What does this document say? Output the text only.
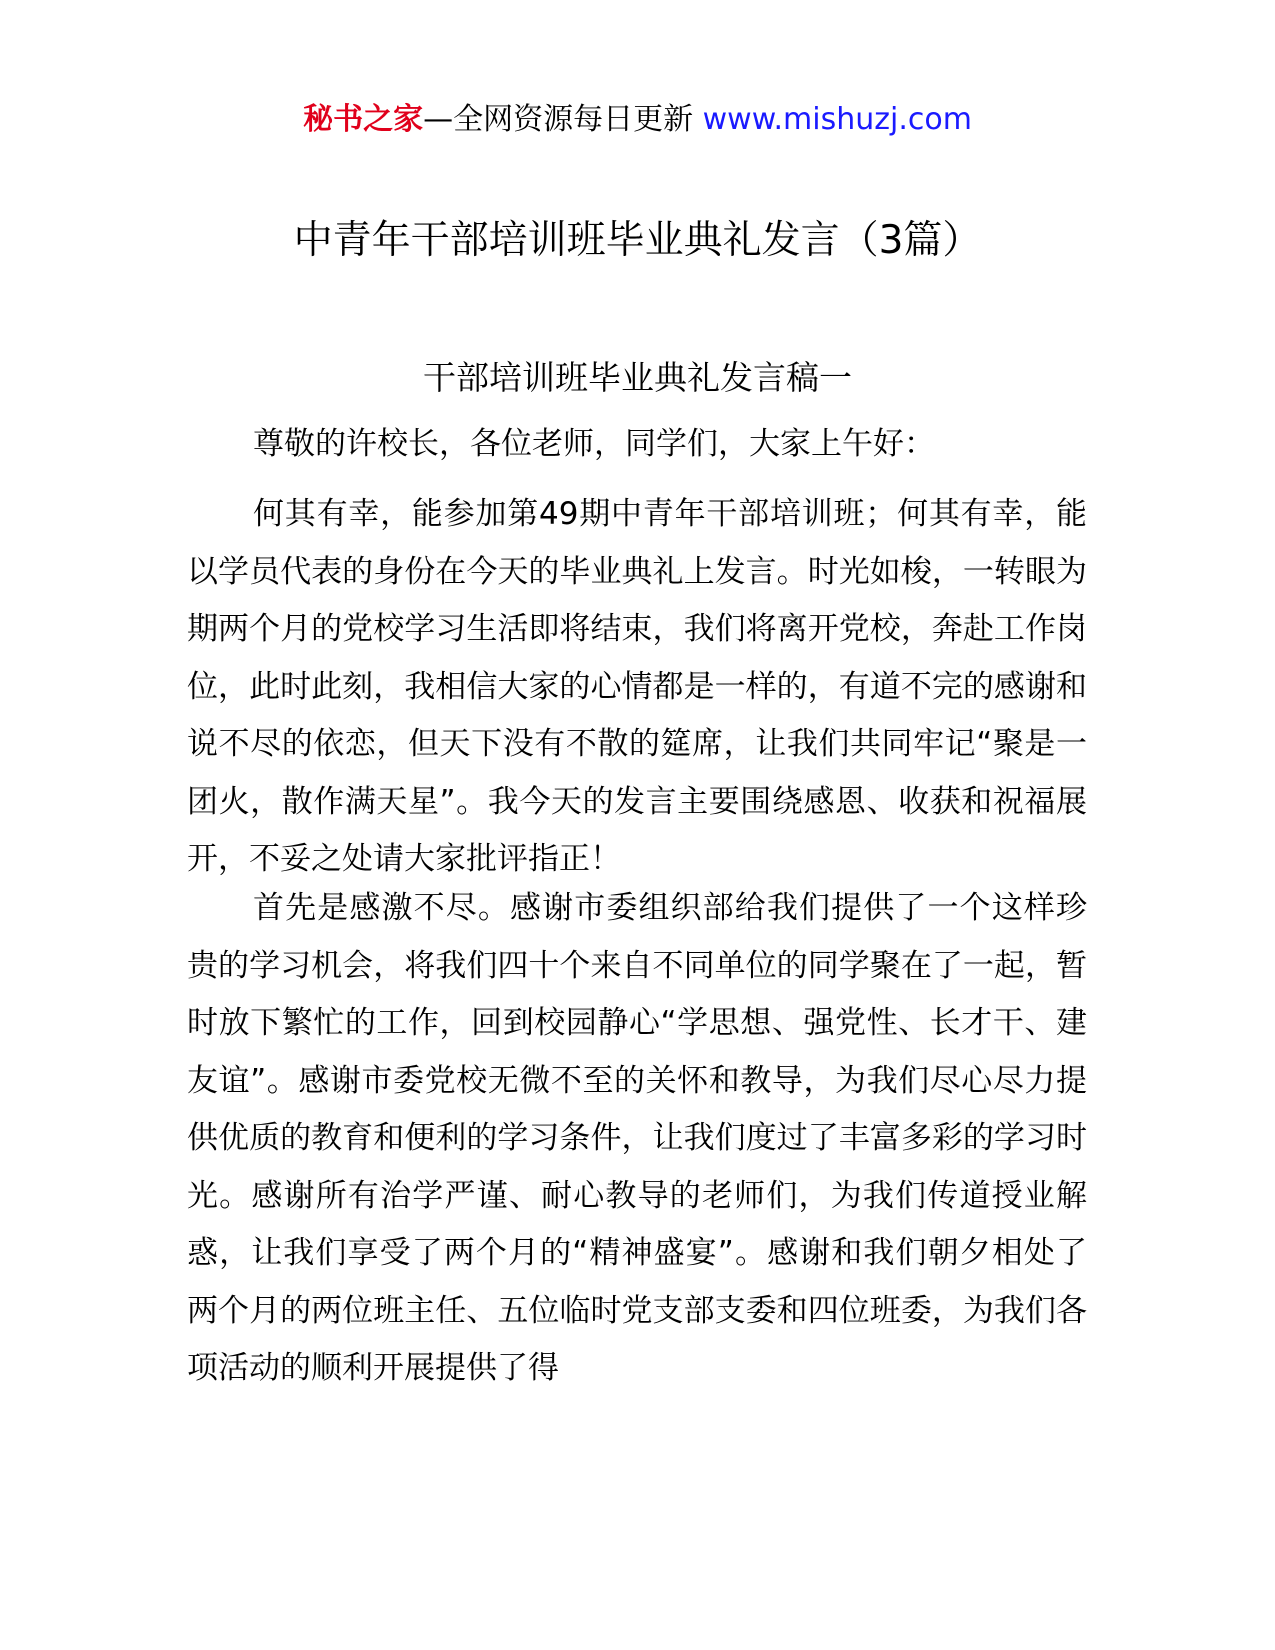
秘书之家—全网资源每日更新 www.mishuzj.com
中青年干部培训班毕业典礼发言（3篇）
干部培训班毕业典礼发言稿一
尊敬的许校长，各位老师，同学们，大家上午好：

何其有幸，能参加第49期中青年干部培训班；何其有幸，能以学员代表的身份在今天的毕业典礼上发言。时光如梭，一转眼为期两个月的党校学习生活即将结束，我们将离开党校，奔赴工作岗位，此时此刻，我相信大家的心情都是一样的，有道不完的感谢和说不尽的依恋，但天下没有不散的筵席，让我们共同牢记“聚是一团火，散作满天星”。我今天的发言主要围绕感恩、收获和祝福展开，不妥之处请大家批评指正！

首先是感激不尽。感谢市委组织部给我们提供了一个这样珍贵的学习机会，将我们四十个来自不同单位的同学聚在了一起，暂时放下繁忙的工作，回到校园静心“学思想、强党性、长才干、建友谊”。感谢市委党校无微不至的关怀和教导，为我们尽心尽力提供优质的教育和便利的学习条件，让我们度过了丰富多彩的学习时光。感谢所有治学严谨、耐心教导的老师们，为我们传道授业解惑，让我们享受了两个月的“精神盛宴”。感谢和我们朝夕相处了两个月的两位班主任、五位临时党支部支委和四位班委，为我们各项活动的顺利开展提供了得
